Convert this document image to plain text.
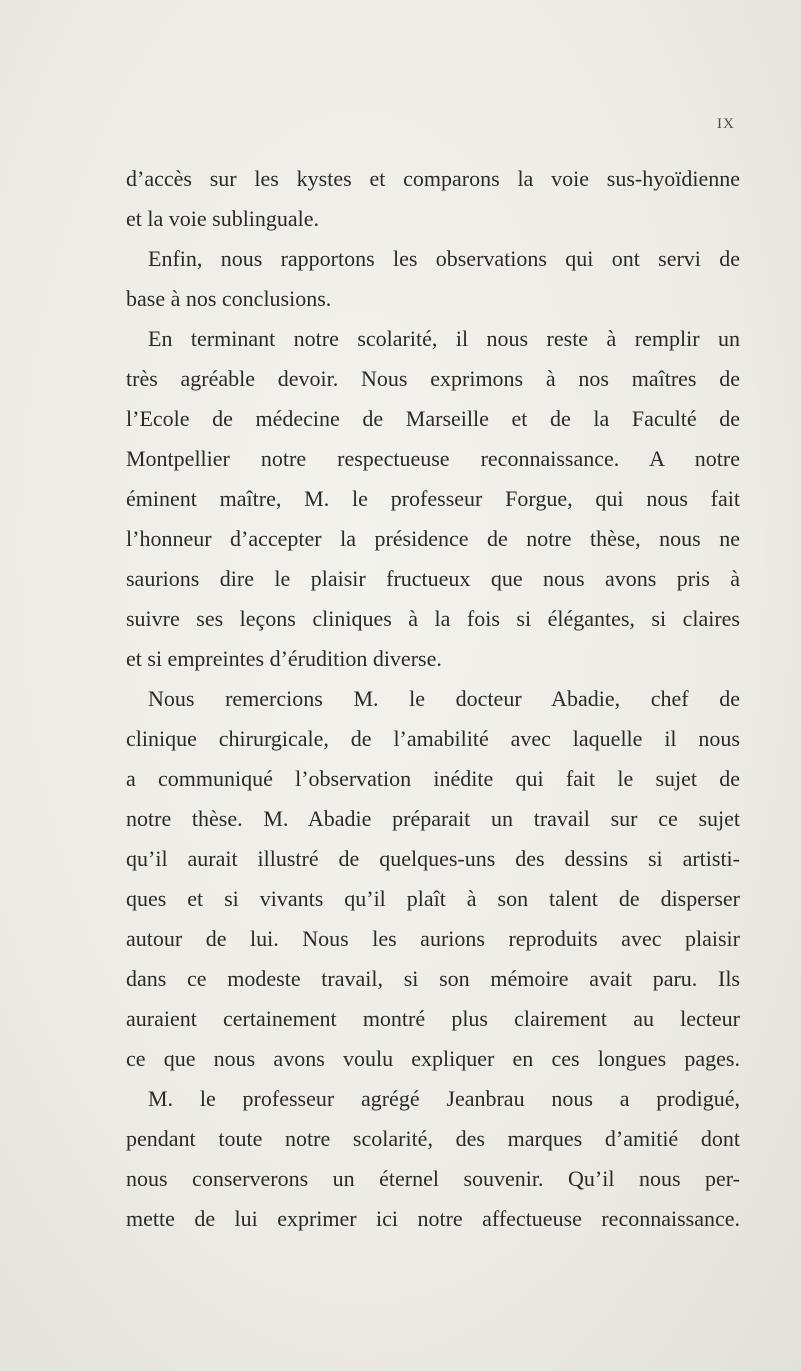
IX
d’accès sur les kystes et comparons la voie sus-hyoïdienne
et la voie sublinguale.
Enfin, nous rapportons les observations qui ont servi de
base à nos conclusions.
En terminant notre scolarité, il nous reste à remplir un
très agréable devoir. Nous exprimons à nos maîtres de
l’Ecole de médecine de Marseille et de la Faculté de
Montpellier notre respectueuse reconnaissance. A notre
éminent maître, M. le professeur Forgue, qui nous fait
l’honneur d’accepter la présidence de notre thèse, nous ne
saurions dire le plaisir fructueux que nous avons pris à
suivre ses leçons cliniques à la fois si élégantes, si claires
et si empreintes d’érudition diverse.
Nous remercions M. le docteur Abadie, chef de
clinique chirurgicale, de l’amabilité avec laquelle il nous
a communiqué l’observation inédite qui fait le sujet de
notre thèse. M. Abadie préparait un travail sur ce sujet
qu’il aurait illustré de quelques-uns des dessins si artisti-
ques et si vivants qu’il plaît à son talent de disperser
autour de lui. Nous les aurions reproduits avec plaisir
dans ce modeste travail, si son mémoire avait paru. Ils
auraient certainement montré plus clairement au lecteur
ce que nous avons voulu expliquer en ces longues pages.
M. le professeur agrégé Jeanbrau nous a prodigué,
pendant toute notre scolarité, des marques d’amitié dont
nous conserverons un éternel souvenir. Qu’il nous per-
mette de lui exprimer ici notre affectueuse reconnaissance.
